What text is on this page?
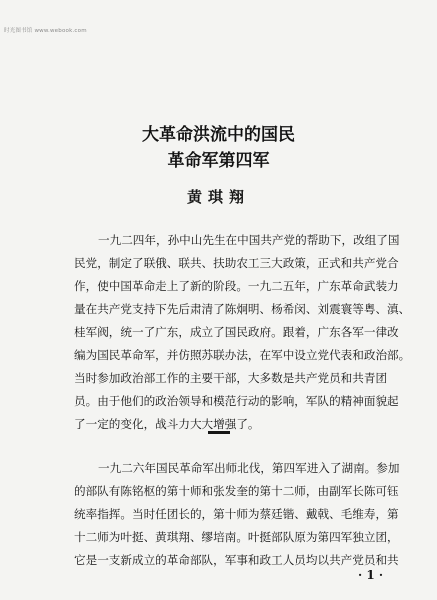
时光图书馆 www.webook.com
大革命洪流中的国民
革命军第四军
黄琪翔
一九二四年，孙中山先生在中国共产党的帮助下，改组了国
民党，制定了联俄、联共、扶助农工三大政策，正式和共产党合
作，使中国革命走上了新的阶段。一九二五年，广东革命武装力
量在共产党支持下先后肃清了陈炯明、杨希闵、刘震寰等粤、滇、
桂军阀，统一了广东，成立了国民政府。跟着，广东各军一律改
编为国民革命军，并仿照苏联办法，在军中设立党代表和政治部。
当时参加政治部工作的主要干部，大多数是共产党员和共青团
员。由于他们的政治领导和模范行动的影响，军队的精神面貌起
了一定的变化，战斗力大大增强了。
一九二六年国民革命军出师北伐，第四军进入了湖南。参加
的部队有陈铭枢的第十师和张发奎的第十二师，由副军长陈可钰
统率指挥。当时任团长的，第十师为蔡廷锴、戴戟、毛维寿，第
十二师为叶挺、黄琪翔、缪培南。叶挺部队原为第四军独立团，
它是一支新成立的革命部队，军事和政工人员均以共产党员和共
· 1 ·
